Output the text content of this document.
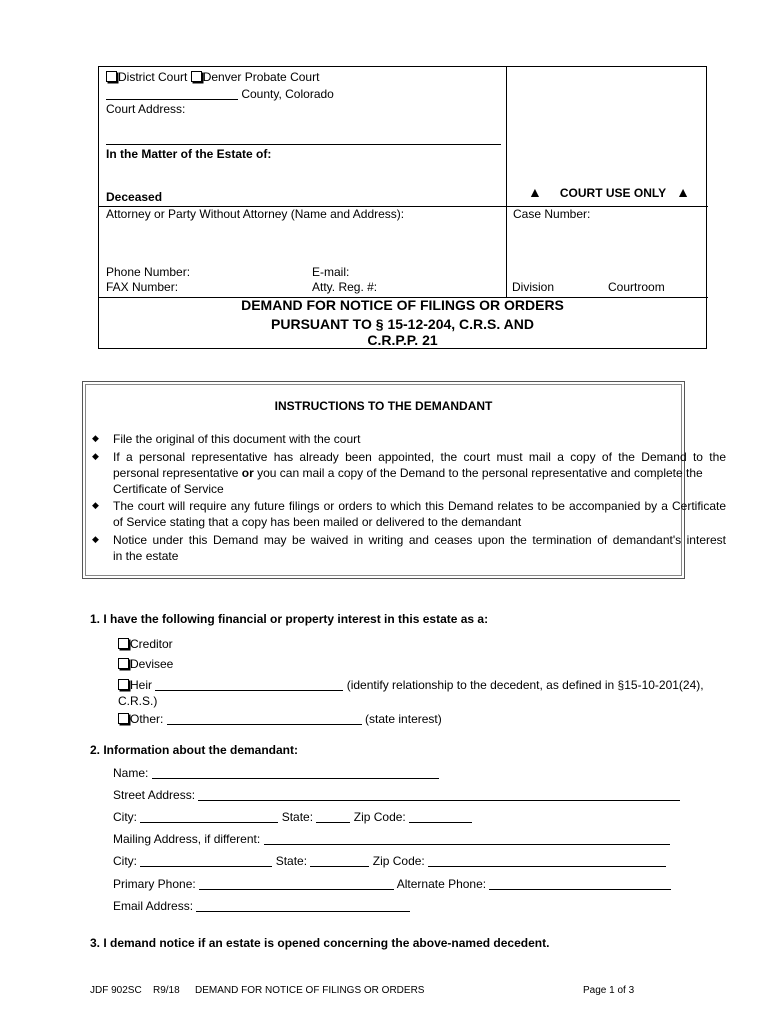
District Court Denver Probate Court
County, Colorado
Court Address:
In the Matter of the Estate of:
Deceased	▲ COURT USE ONLY ▲
Attorney or Party Without Attorney (Name and Address):	Case Number:
Phone Number:	E-mail:
FAX Number:	Atty. Reg. #:	Division	Courtroom
DEMAND FOR NOTICE OF FILINGS OR ORDERS
PURSUANT TO § 15-12-204, C.R.S. AND
C.R.P.P. 21
INSTRUCTIONS TO THE DEMANDANT
◆ File the original of this document with the court
◆ If a personal representative has already been appointed, the court must mail a copy of the Demand to the
personal representative or you can mail a copy of the Demand to the personal representative and complete the
Certificate of Service
◆ The court will require any future filings or orders to which this Demand relates to be accompanied by a Certificate
of Service stating that a copy has been mailed or delivered to the demandant
◆ Notice under this Demand may be waived in writing and ceases upon the termination of demandant's interest
in the estate
1. I have the following financial or property interest in this estate as a:
Creditor
Devisee
Heir	(identify relationship to the decedent, as defined in §15-10-201(24),
C.R.S.)
Other:	(state interest)
2. Information about the demandant:
Name:
Street Address:
City:	State:	Zip Code:
Mailing Address, if different:
City:	State:	Zip Code:
Primary Phone:	Alternate Phone:
Email Address:
3. I demand notice if an estate is opened concerning the above-named decedent.
JDF 902SC R9/18 DEMAND FOR NOTICE OF FILINGS OR ORDERS	Page 1 of 3
